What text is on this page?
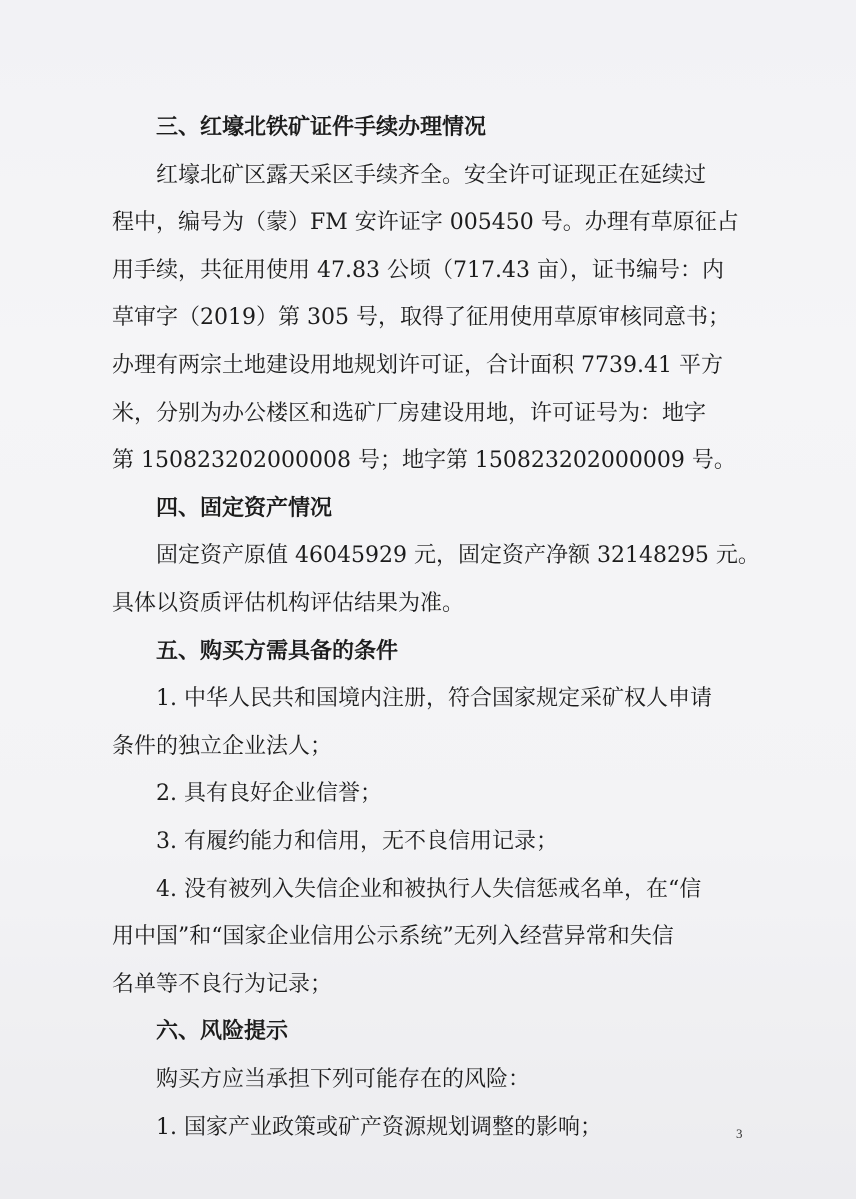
三、红壕北铁矿证件手续办理情况
红壕北矿区露天采区手续齐全。安全许可证现正在延续过
程中，编号为（蒙）FM 安许证字 005450 号。办理有草原征占
用手续，共征用使用 47.83 公顷（717.43 亩），证书编号：内
草审字（2019）第 305 号，取得了征用使用草原审核同意书；
办理有两宗土地建设用地规划许可证，合计面积 7739.41 平方
米，分别为办公楼区和选矿厂房建设用地，许可证号为：地字
第 150823202000008 号；地字第 150823202000009 号。
四、固定资产情况
固定资产原值 46045929 元，固定资产净额 32148295 元。
具体以资质评估机构评估结果为准。
五、购买方需具备的条件
1. 中华人民共和国境内注册，符合国家规定采矿权人申请
条件的独立企业法人；
2. 具有良好企业信誉；
3. 有履约能力和信用，无不良信用记录；
4. 没有被列入失信企业和被执行人失信惩戒名单，在“信
用中国”和“国家企业信用公示系统”无列入经营异常和失信
名单等不良行为记录；
六、风险提示
购买方应当承担下列可能存在的风险：
1. 国家产业政策或矿产资源规划调整的影响；	3
